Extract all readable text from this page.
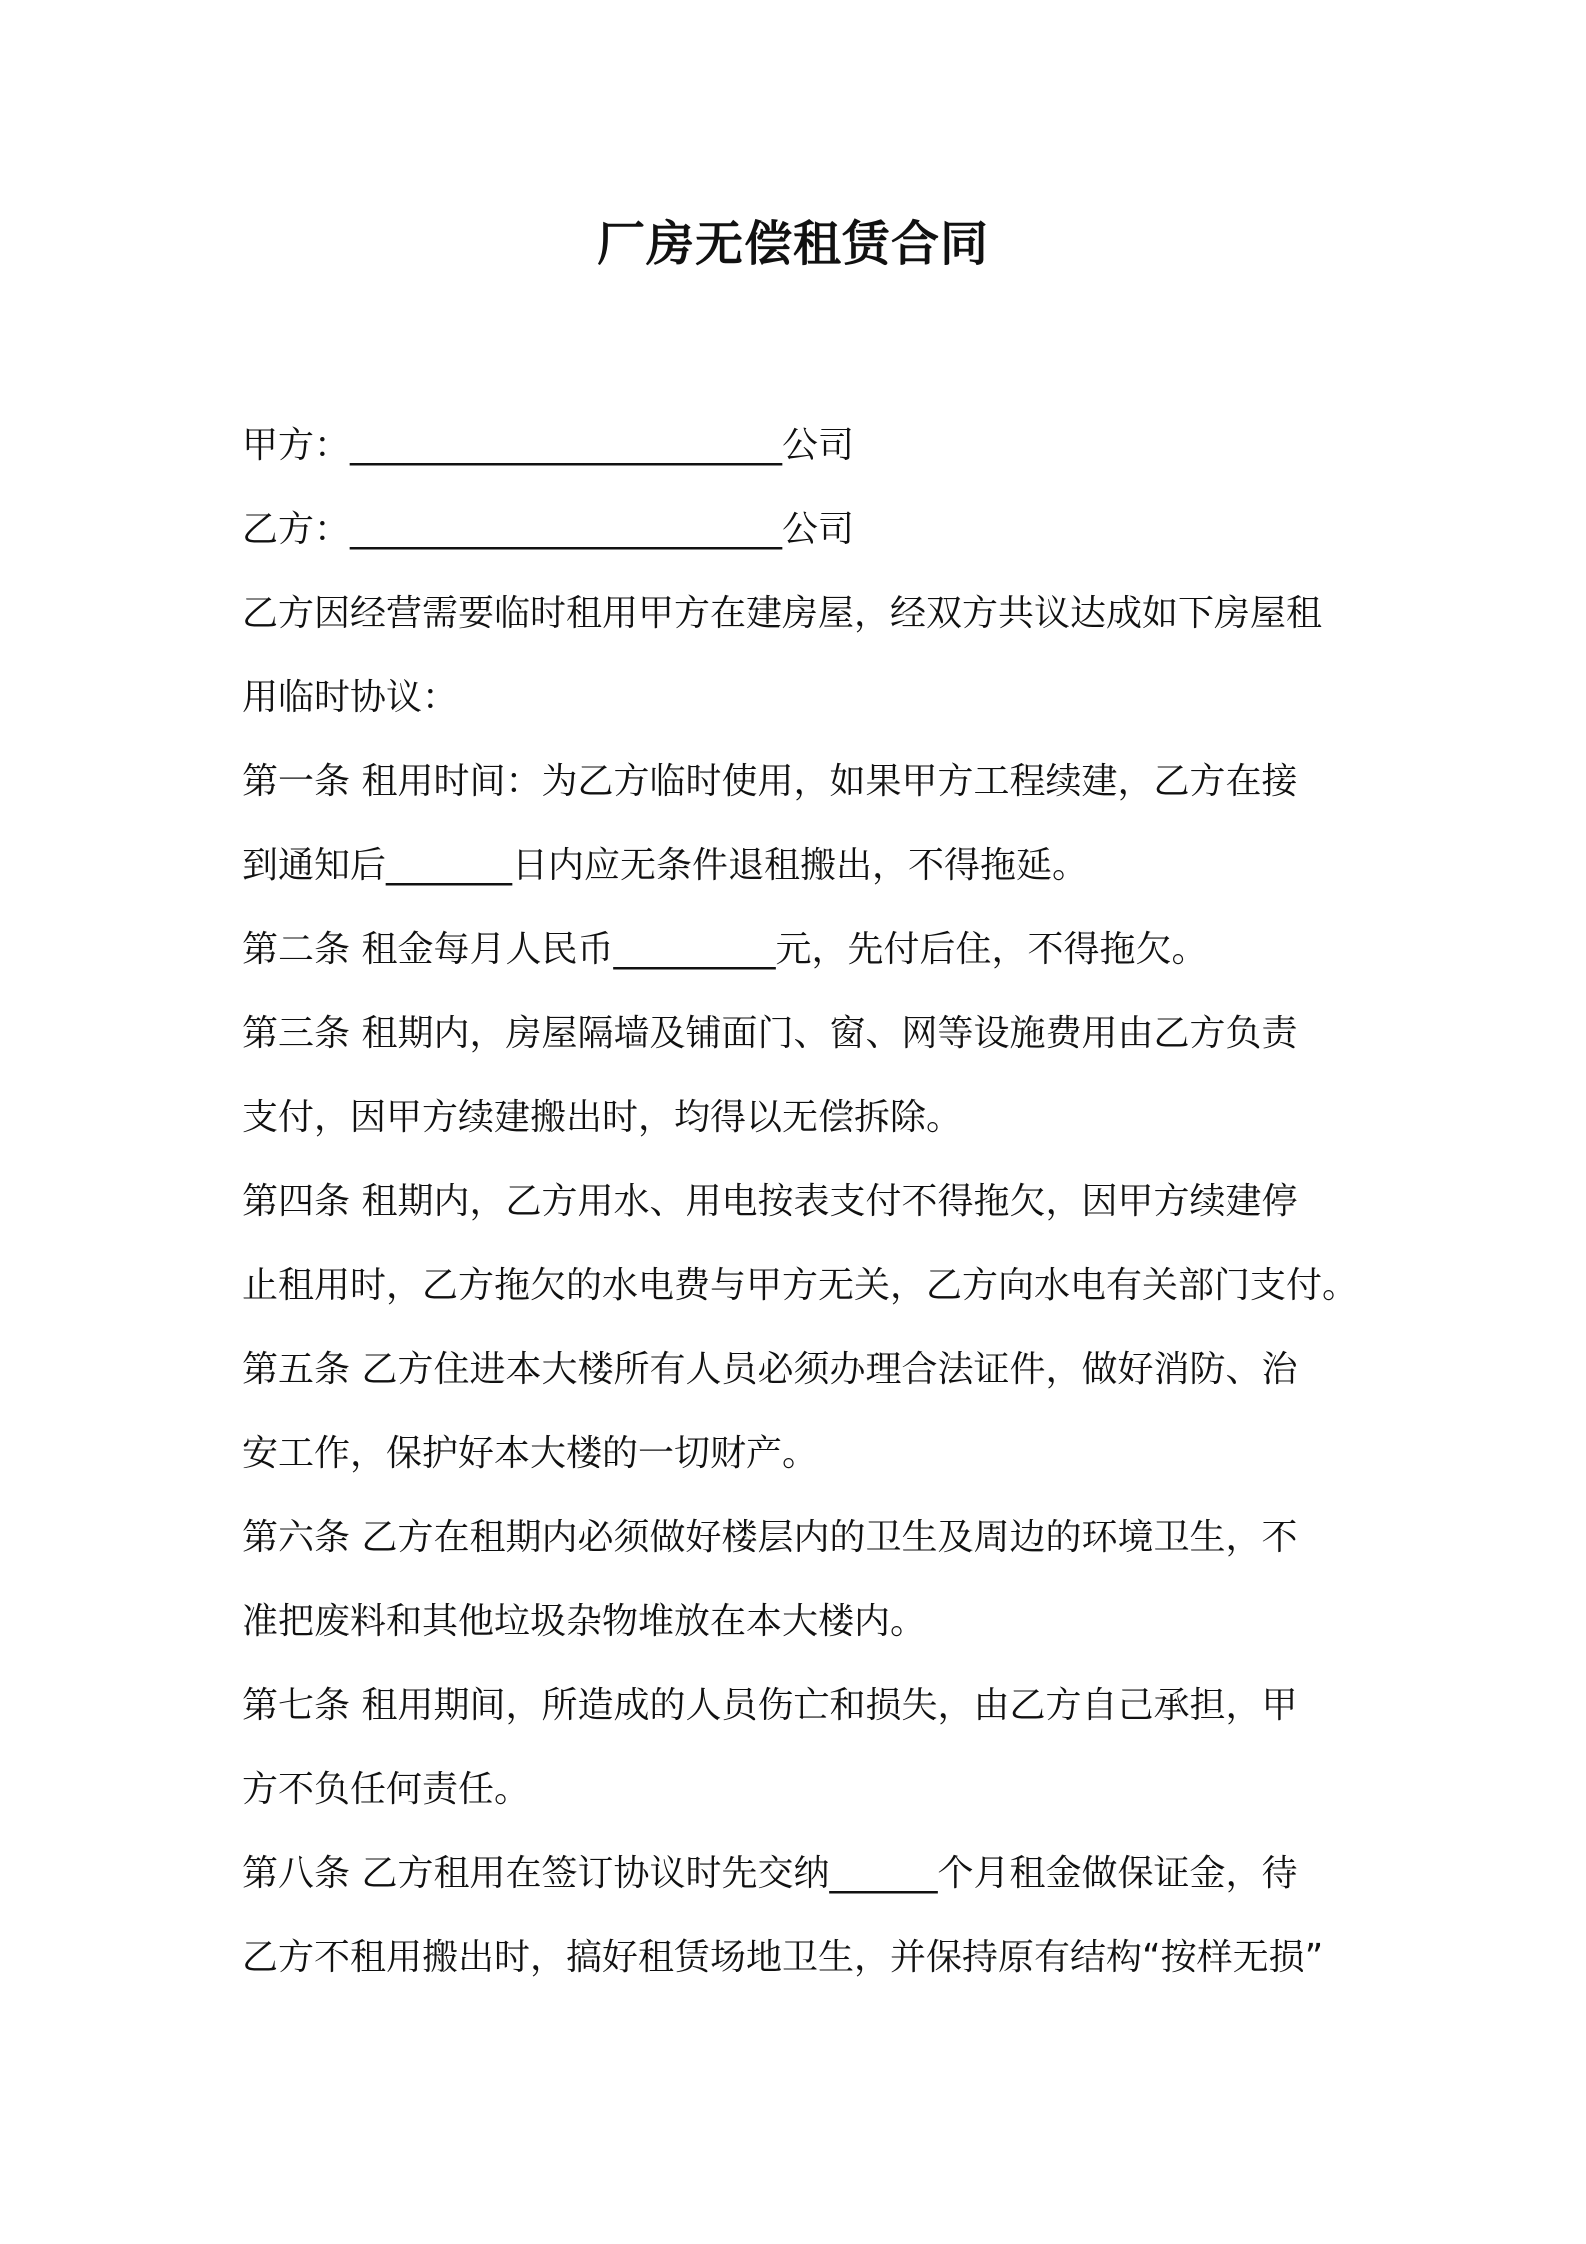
厂房无偿租赁合同
甲方：________________________公司
乙方：________________________公司
乙方因经营需要临时租用甲方在建房屋，经双方共议达成如下房屋租
用临时协议：
第一条 租用时间：为乙方临时使用，如果甲方工程续建，乙方在接
到通知后_______日内应无条件退租搬出，不得拖延。
第二条 租金每月人民币_________元，先付后住，不得拖欠。
第三条 租期内，房屋隔墙及铺面门、窗、网等设施费用由乙方负责
支付，因甲方续建搬出时，均得以无偿拆除。
第四条 租期内，乙方用水、用电按表支付不得拖欠，因甲方续建停
止租用时，乙方拖欠的水电费与甲方无关，乙方向水电有关部门支付。
第五条 乙方住进本大楼所有人员必须办理合法证件，做好消防、治
安工作，保护好本大楼的一切财产。
第六条 乙方在租期内必须做好楼层内的卫生及周边的环境卫生，不
准把废料和其他垃圾杂物堆放在本大楼内。
第七条 租用期间，所造成的人员伤亡和损失，由乙方自己承担，甲
方不负任何责任。
第八条 乙方租用在签订协议时先交纳______个月租金做保证金，待
乙方不租用搬出时，搞好租赁场地卫生，并保持原有结构“按样无损”
